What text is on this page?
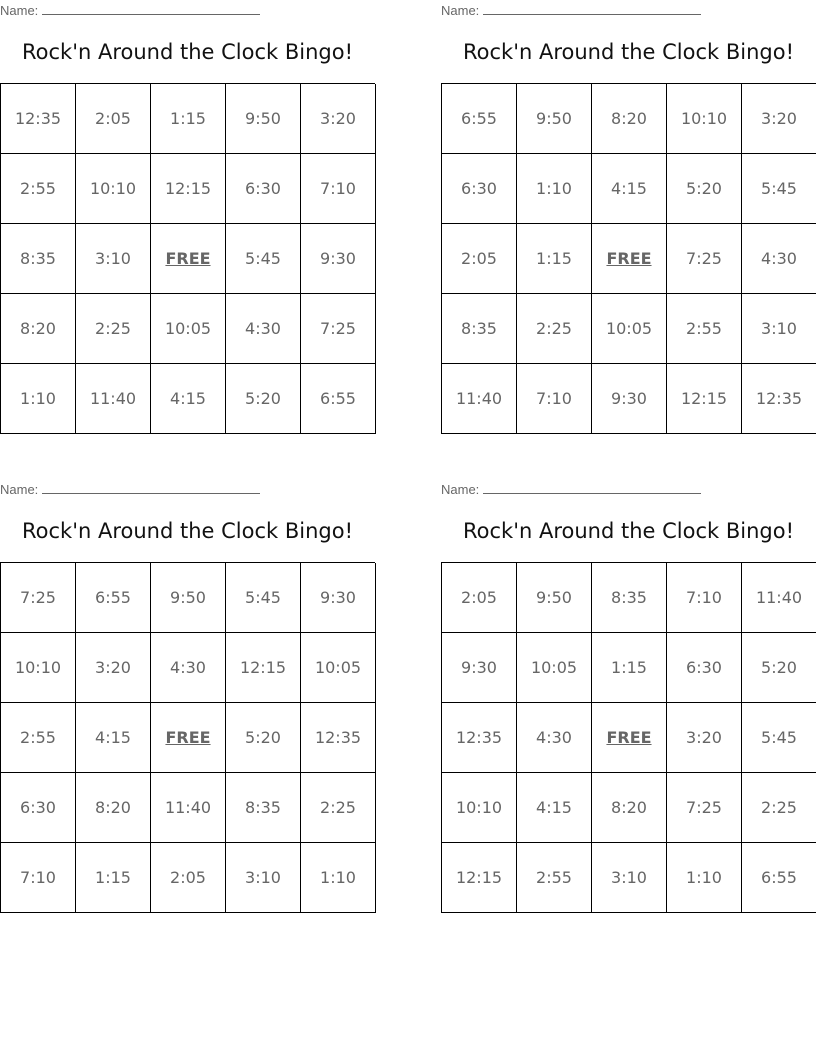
Name:
Rock'n Around the Clock Bingo!
12:35	2:05	1:15	9:50	3:20
2:55	10:10	12:15	6:30	7:10
8:35	3:10	FREE	5:45	9:30
8:20	2:25	10:05	4:30	7:25
1:10	11:40	4:15	5:20	6:55
Name:
Rock'n Around the Clock Bingo!
6:55	9:50	8:20	10:10	3:20
6:30	1:10	4:15	5:20	5:45
2:05	1:15	FREE	7:25	4:30
8:35	2:25	10:05	2:55	3:10
11:40	7:10	9:30	12:15	12:35
Name:
Rock'n Around the Clock Bingo!
7:25	6:55	9:50	5:45	9:30
10:10	3:20	4:30	12:15	10:05
2:55	4:15	FREE	5:20	12:35
6:30	8:20	11:40	8:35	2:25
7:10	1:15	2:05	3:10	1:10
Name:
Rock'n Around the Clock Bingo!
2:05	9:50	8:35	7:10	11:40
9:30	10:05	1:15	6:30	5:20
12:35	4:30	FREE	3:20	5:45
10:10	4:15	8:20	7:25	2:25
12:15	2:55	3:10	1:10	6:55
